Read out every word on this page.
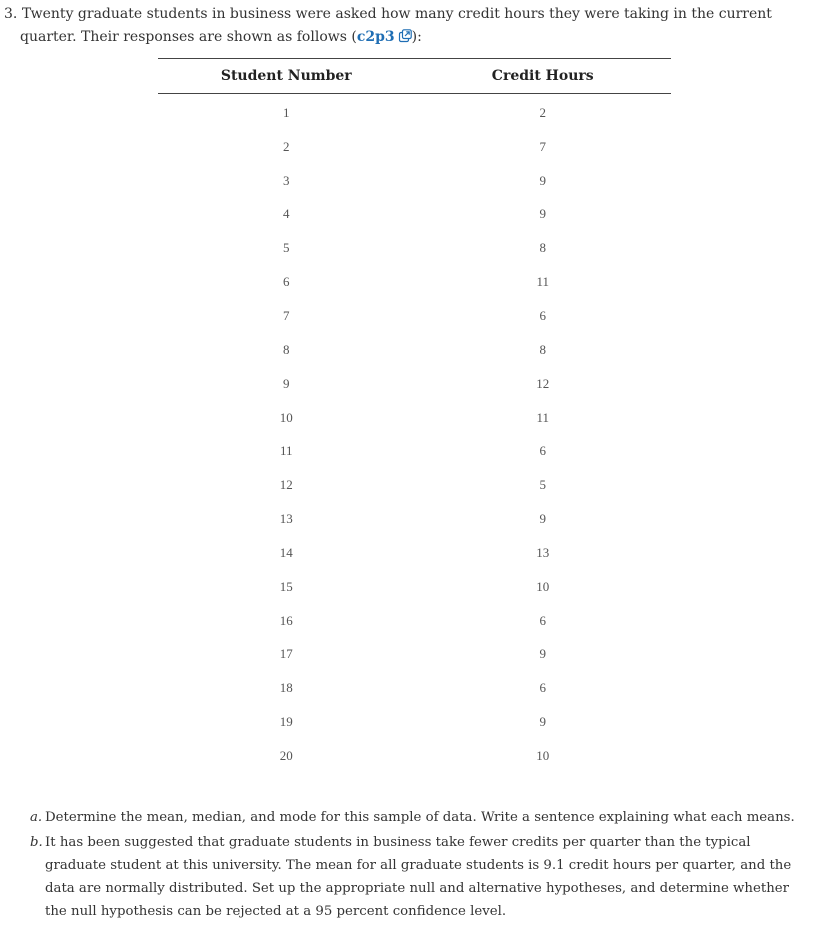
3. Twenty graduate students in business were asked how many credit hours they were taking in the current quarter. Their responses are shown as follows (c2p3 ):

Student Number	Credit Hours
1	2
2	7
3	9
4	9
5	8
6	11
7	6
8	8
9	12
10	11
11	6
12	5
13	9
14	13
15	10
16	6
17	9
18	6
19	9
20	10
a. Determine the mean, median, and mode for this sample of data. Write a sentence explaining what each means.
b. It has been suggested that graduate students in business take fewer credits per quarter than the typical graduate student at this university. The mean for all graduate students is 9.1 credit hours per quarter, and the data are normally distributed. Set up the appropriate null and alternative hypotheses, and determine whether the null hypothesis can be rejected at a 95 percent confidence level.
